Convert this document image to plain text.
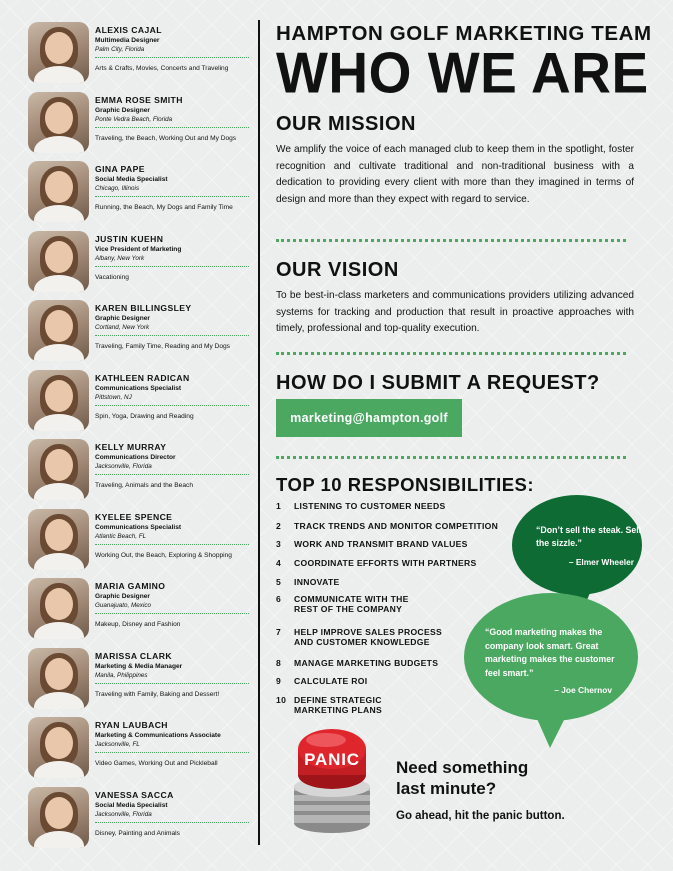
ALEXIS CAJAL
Multimedia Designer
Palm City, Florida
Arts & Crafts, Movies, Concerts and Traveling
EMMA ROSE SMITH
Graphic Designer
Ponte Vedra Beach, Florida
Traveling, the Beach, Working Out and My Dogs
GINA PAPE
Social Media Specialist
Chicago, Illinois
Running, the Beach, My Dogs and Family Time
JUSTIN KUEHN
Vice President of Marketing
Albany, New York
Vacationing
KAREN BILLINGSLEY
Graphic Designer
Cortland, New York
Traveling, Family Time, Reading and My Dogs
KATHLEEN RADICAN
Communications Specialist
Pittstown, NJ
Spin, Yoga, Drawing and Reading
KELLY MURRAY
Communications Director
Jacksonville, Florida
Traveling, Animals and the Beach
KYELEE SPENCE
Communications Specialist
Atlantic Beach, FL
Working Out, the Beach, Exploring & Shopping
MARIA GAMINO
Graphic Designer
Guanajuato, Mexico
Makeup, Disney and Fashion
MARISSA CLARK
Marketing & Media Manager
Manila, Philippines
Traveling with Family, Baking and Dessert!
RYAN LAUBACH
Marketing & Communications Associate
Jacksonville, FL
Video Games, Working Out and Pickleball
VANESSA SACCA
Social Media Specialist
Jacksonville, Florida
Disney, Painting and Animals
HAMPTON GOLF MARKETING TEAM
WHO WE ARE
OUR MISSION
We amplify the voice of each managed club to keep them in the spotlight, foster recognition and cultivate traditional and non-traditional business with a dedication to providing every client with more than they imagined in terms of design and more than they expect with regard to service.
OUR VISION
To be best-in-class marketers and communications providers utilizing advanced systems for tracking and production that result in proactive approaches with timely, professional and top-quality execution.
HOW DO I SUBMIT A REQUEST?
marketing@hampton.golf
TOP 10 RESPONSIBILITIES:
1	LISTENING TO CUSTOMER NEEDS
2	TRACK TRENDS AND MONITOR COMPETITION
3	WORK AND TRANSMIT BRAND VALUES
4	COORDINATE EFFORTS WITH PARTNERS
5	INNOVATE
6	COMMUNICATE WITH THE
REST OF THE COMPANY
7	HELP IMPROVE SALES PROCESS
AND CUSTOMER KNOWLEDGE
8	MANAGE MARKETING BUDGETS
9	CALCULATE ROI
10 DEFINE STRATEGIC
MARKETING PLANS
“Don’t sell the steak. Sell the sizzle.”
– Elmer Wheeler
“Good marketing makes the company look smart. Great marketing makes the customer feel smart.”
– Joe Chernov
PANIC Need something
last minute?
Go ahead, hit the panic button.
